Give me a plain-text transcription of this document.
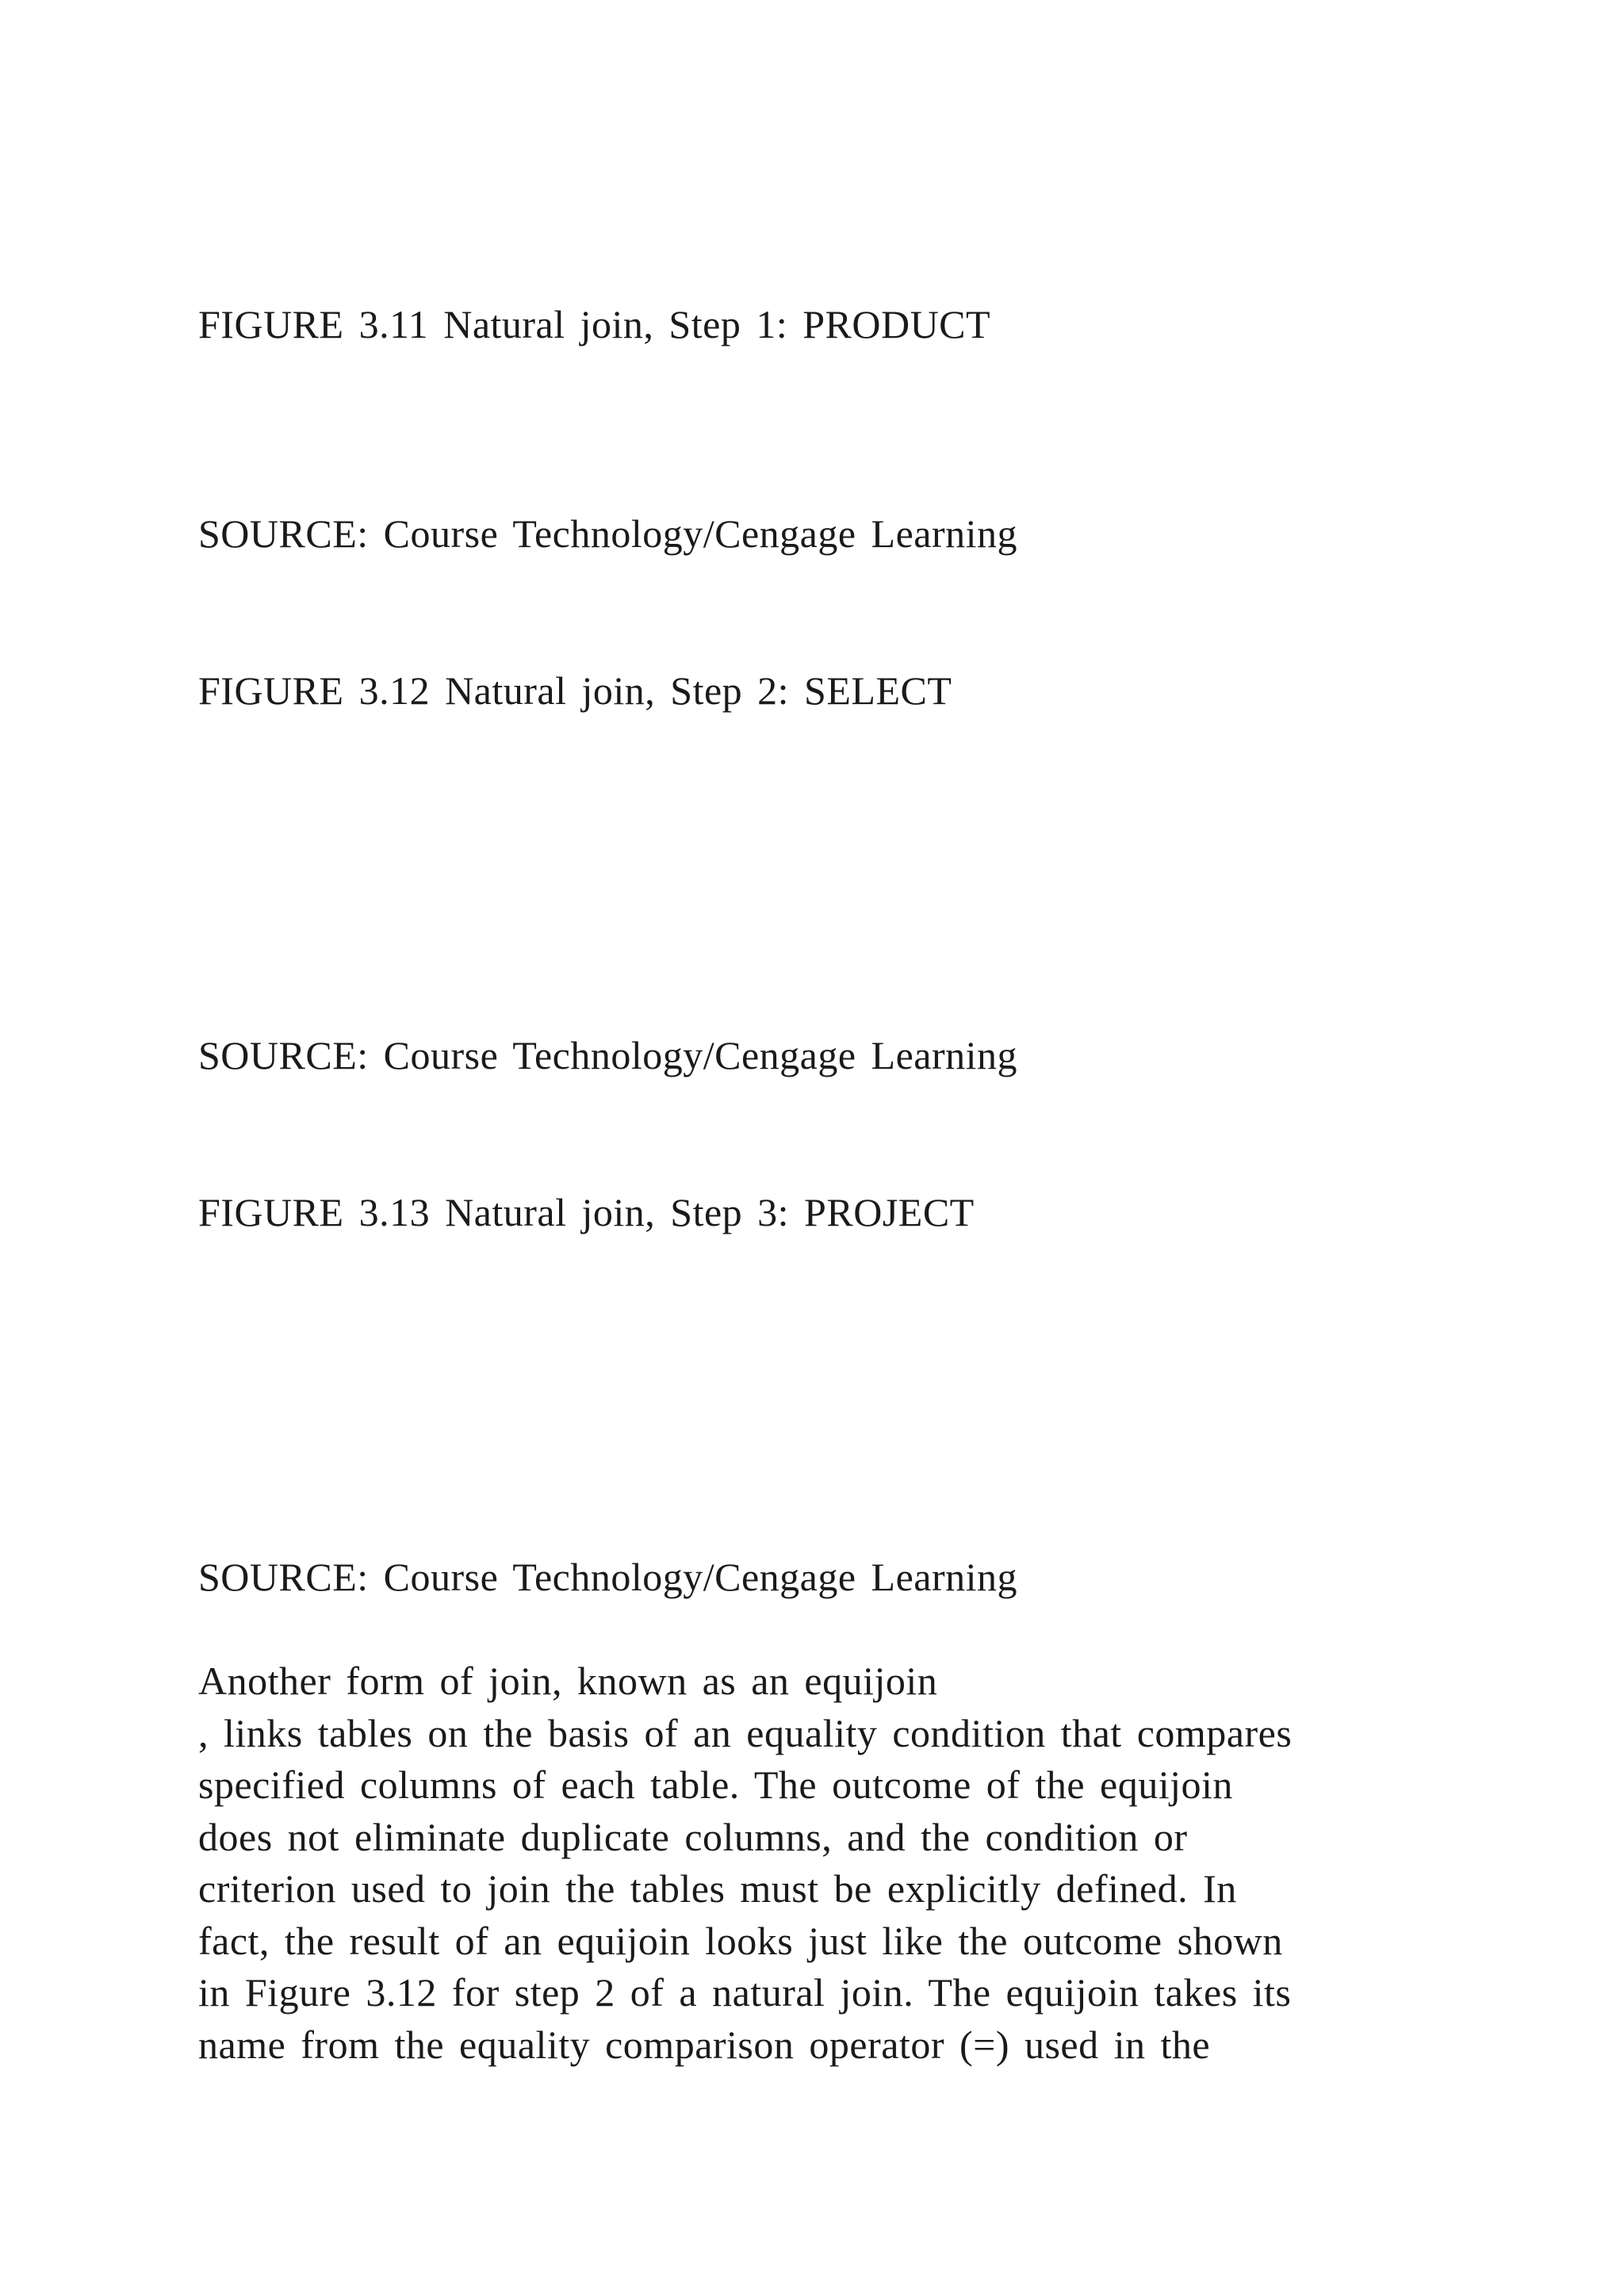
FIGURE 3.11 Natural join, Step 1: PRODUCT
SOURCE: Course Technology/Cengage Learning
FIGURE 3.12 Natural join, Step 2: SELECT
SOURCE: Course Technology/Cengage Learning
FIGURE 3.13 Natural join, Step 3: PROJECT
SOURCE: Course Technology/Cengage Learning
Another form of join, known as an equijoin
, links tables on the basis of an equality condition that compares
specified columns of each table. The outcome of the equijoin
does not eliminate duplicate columns, and the condition or
criterion used to join the tables must be explicitly defined. In
fact, the result of an equijoin looks just like the outcome shown
in Figure 3.12 for step 2 of a natural join. The equijoin takes its
name from the equality comparison operator (=) used in the
